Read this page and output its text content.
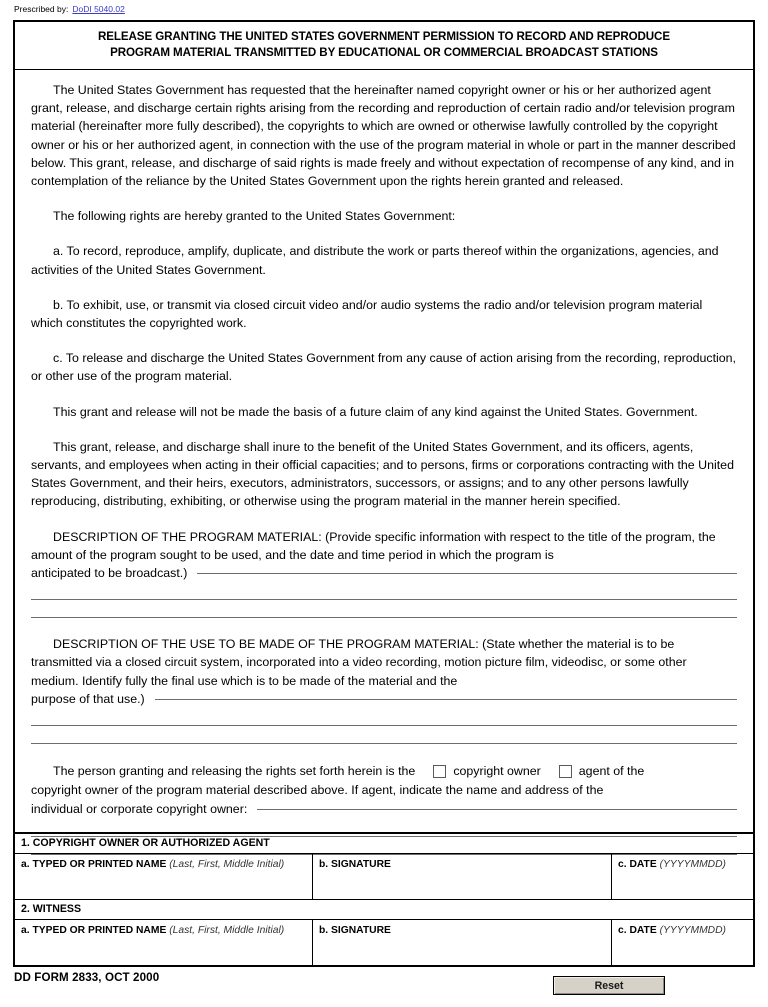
Prescribed by: DoDI 5040.02
RELEASE GRANTING THE UNITED STATES GOVERNMENT PERMISSION TO RECORD AND REPRODUCE
PROGRAM MATERIAL TRANSMITTED BY EDUCATIONAL OR COMMERCIAL BROADCAST STATIONS

The United States Government has requested that the hereinafter named copyright owner or his or her authorized agent grant, release, and discharge certain rights arising from the recording and reproduction of certain radio and/or television program material (hereinafter more fully described), the copyrights to which are owned or otherwise lawfully controlled by the copyright owner or his or her authorized agent, in connection with the use of the program material in whole or part in the manner described below. This grant, release, and discharge of said rights is made freely and without expectation of recompense of any kind, and in contemplation of the reliance by the United States Government upon the rights herein granted and released.

The following rights are hereby granted to the United States Government:

a. To record, reproduce, amplify, duplicate, and distribute the work or parts thereof within the organizations, agencies, and activities of the United States Government.

b. To exhibit, use, or transmit via closed circuit video and/or audio systems the radio and/or television program material which constitutes the copyrighted work.

c. To release and discharge the United States Government from any cause of action arising from the recording, reproduction, or other use of the program material.

This grant and release will not be made the basis of a future claim of any kind against the United States. Government.

This grant, release, and discharge shall inure to the benefit of the United States Government, and its officers, agents, servants, and employees when acting in their official capacities; and to persons, firms or corporations contracting with the United States Government, and their heirs, executors, administrators, successors, or assigns; and to any other persons lawfully reproducing, distributing, exhibiting, or otherwise using the program material in the manner herein specified.

DESCRIPTION OF THE PROGRAM MATERIAL: (Provide specific information with respect to the title of the program, the amount of the program sought to be used, and the date and time period in which the program is

anticipated to be broadcast.)

DESCRIPTION OF THE USE TO BE MADE OF THE PROGRAM MATERIAL: (State whether the material is to be transmitted via a closed circuit system, incorporated into a video recording, motion picture film, videodisc, or some other medium. Identify fully the final use which is to be made of the material and the

purpose of that use.)
The person granting and releasing the rights set forth herein is the	copyright owner	agent of the
copyright owner of the program material described above. If agent, indicate the name and address of the
individual or corporate copyright owner:
1. COPYRIGHT OWNER OR AUTHORIZED AGENT
a. TYPED OR PRINTED NAME (Last, First, Middle Initial)	b. SIGNATURE	c. DATE (YYYYMMDD)
2. WITNESS
a. TYPED OR PRINTED NAME (Last, First, Middle Initial)	b. SIGNATURE	c. DATE (YYYYMMDD)
DD FORM 2833, OCT 2000
Reset
